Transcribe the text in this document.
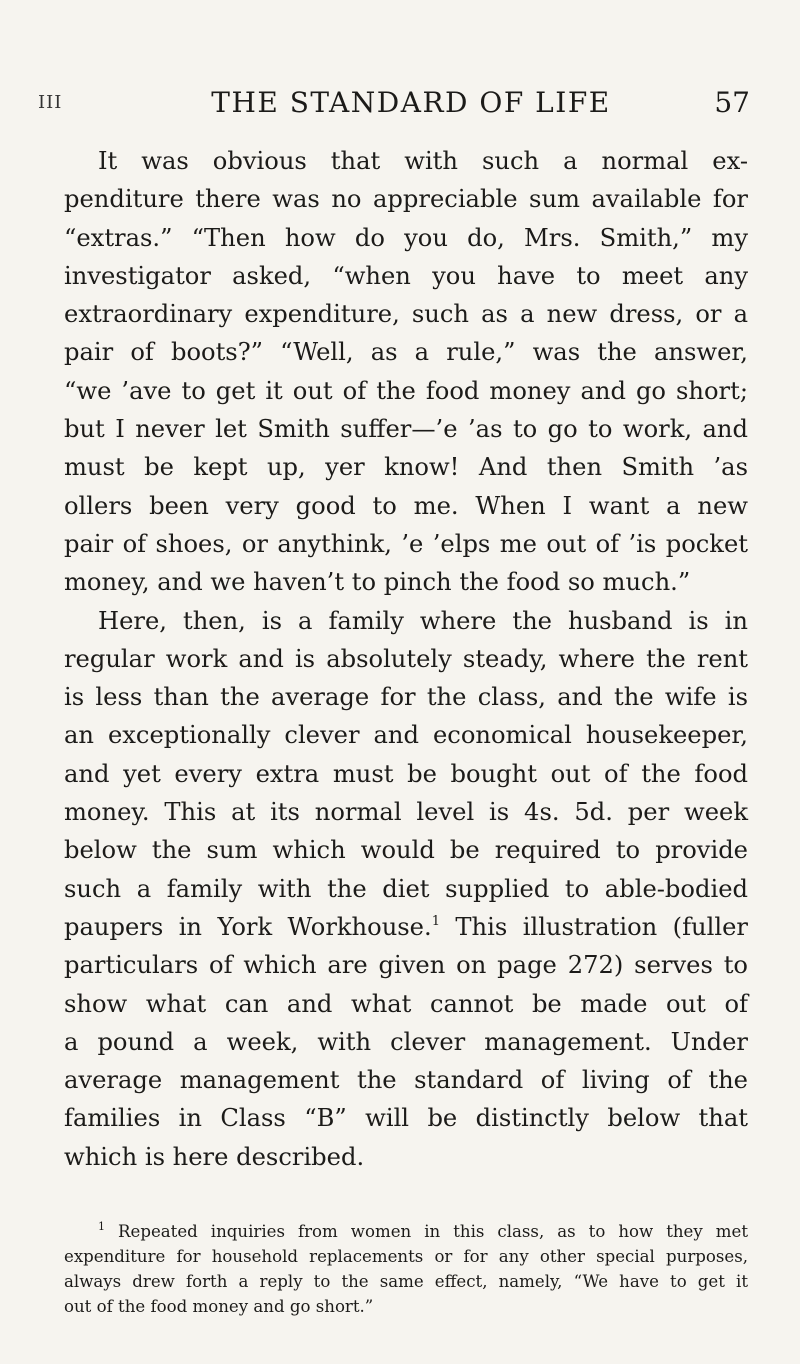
III	THE STANDARD OF LIFE	57
It was obvious that with such a normal ex-
penditure there was no appreciable sum available for
“extras.” “Then how do you do, Mrs. Smith,” my
investigator asked, “when you have to meet any
extraordinary expenditure, such as a new dress, or a
pair of boots?” “Well, as a rule,” was the answer,
“we ’ave to get it out of the food money and go short;
but I never let Smith suffer—’e ’as to go to work, and
must be kept up, yer know! And then Smith ’as
ollers been very good to me. When I want a new
pair of shoes, or anythink, ’e ’elps me out of ’is pocket
money, and we haven’t to pinch the food so much.”
Here, then, is a family where the husband is in
regular work and is absolutely steady, where the rent
is less than the average for the class, and the wife is
an exceptionally clever and economical housekeeper,
and yet every extra must be bought out of the food
money. This at its normal level is 4s. 5d. per week
below the sum which would be required to provide
such a family with the diet supplied to able-bodied
paupers in York Workhouse.$^1$ This illustration (fuller
particulars of which are given on page 272) serves to
show what can and what cannot be made out of
a pound a week, with clever management. Under
average management the standard of living of the
families in Class “B” will be distinctly below that
which is here described.
$^1$ Repeated inquiries from women in this class, as to how they met
expenditure for household replacements or for any other special purposes,
always drew forth a reply to the same effect, namely, “We have to get it
out of the food money and go short.”
